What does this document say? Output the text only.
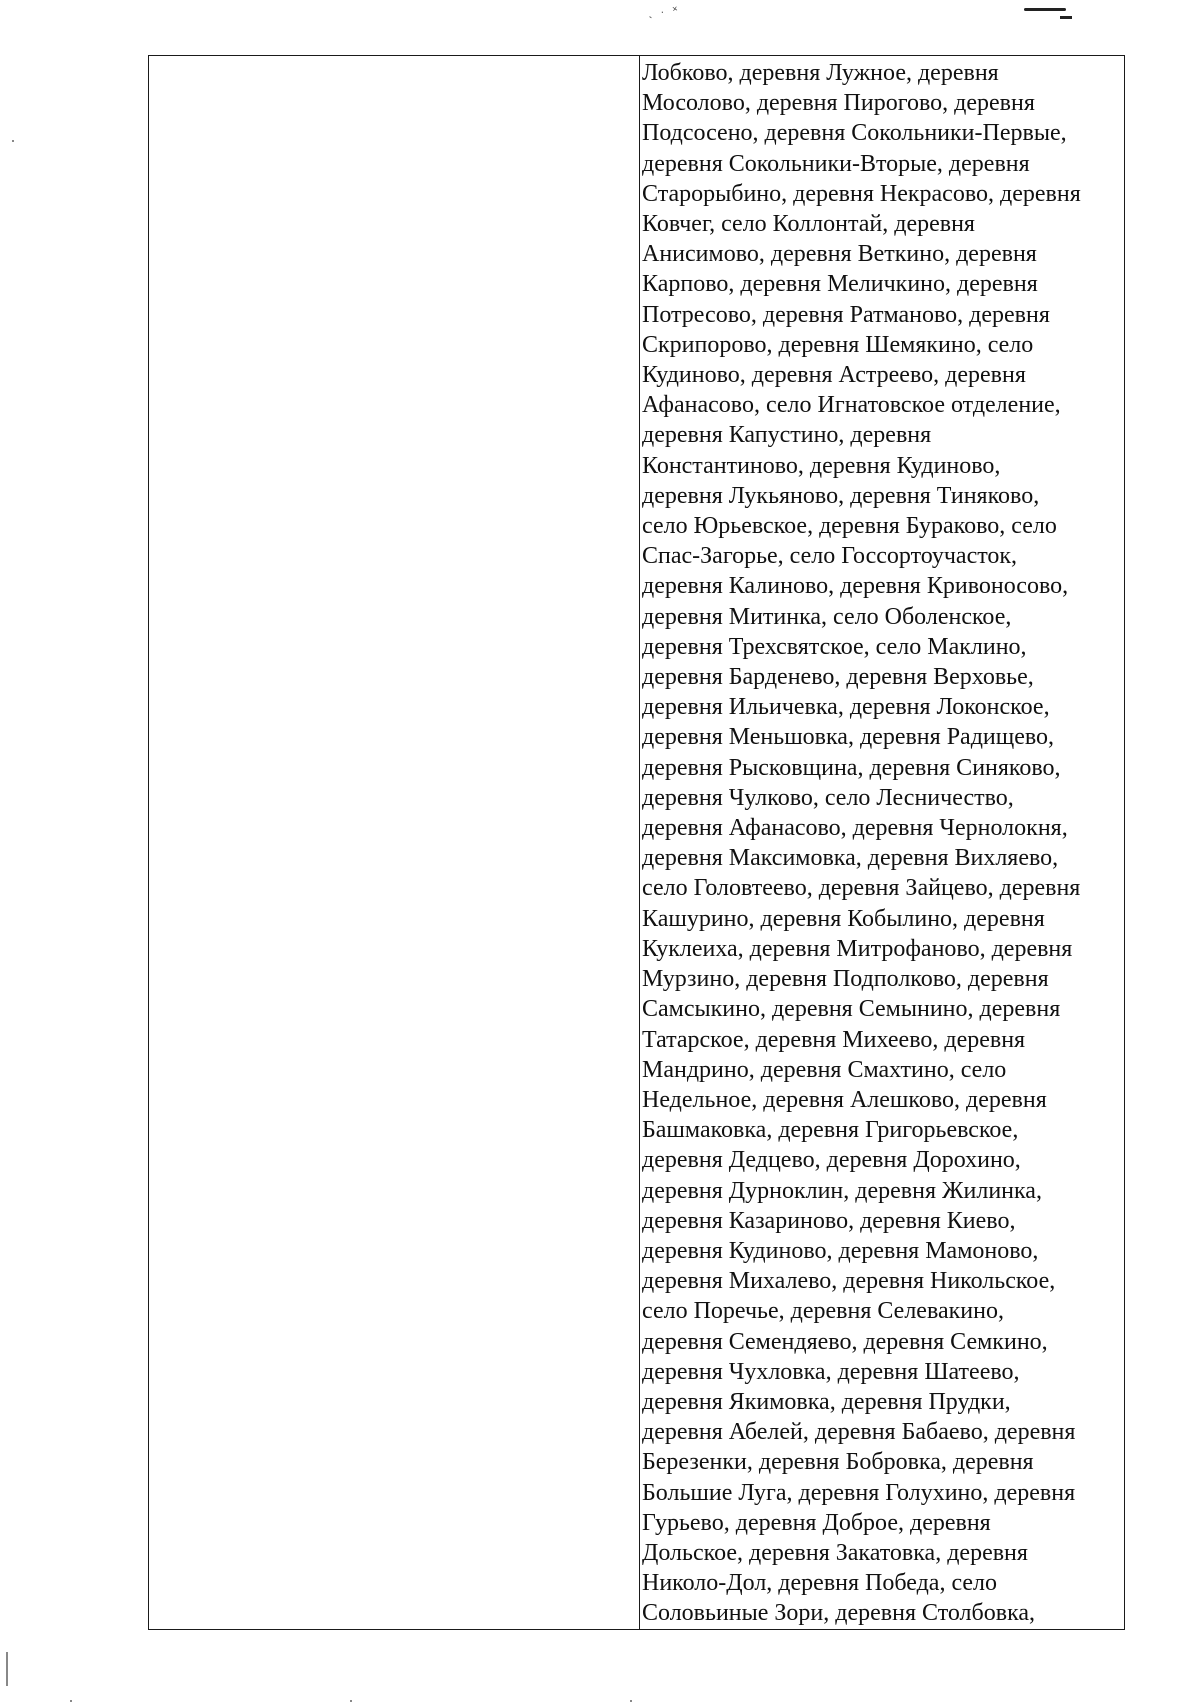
˴ ˑ ˟

Лобково, деревня Лужное, деревня
Мосолово, деревня Пирогово, деревня
Подсосено, деревня Сокольники-Первые,
деревня Сокольники-Вторые, деревня
Старорыбино, деревня Некрасово, деревня
Ковчег, село Коллонтай, деревня
Анисимово, деревня Веткино, деревня
Карпово, деревня Меличкино, деревня
Потресово, деревня Ратманово, деревня
Скрипорово, деревня Шемякино, село
Кудиново, деревня Астреево, деревня
Афанасово, село Игнатовское отделение,
деревня Капустино, деревня
Константиново, деревня Кудиново,
деревня Лукьяново, деревня Тиняково,
село Юрьевское, деревня Бураково, село
Спас-Загорье, село Госсортоучасток,
деревня Калиново, деревня Кривоносово,
деревня Митинка, село Оболенское,
деревня Трехсвятское, село Маклино,
деревня Барденево, деревня Верховье,
деревня Ильичевка, деревня Локонское,
деревня Меньшовка, деревня Радищево,
деревня Рысковщина, деревня Синяково,
деревня Чулково, село Лесничество,
деревня Афанасово, деревня Чернолокня,
деревня Максимовка, деревня Вихляево,
село Головтеево, деревня Зайцево, деревня
Кашурино, деревня Кобылино, деревня
Куклеиха, деревня Митрофаново, деревня
Мурзино, деревня Подполково, деревня
Самсыкино, деревня Семынино, деревня
Татарское, деревня Михеево, деревня
Мандрино, деревня Смахтино, село
Недельное, деревня Алешково, деревня
Башмаковка, деревня Григорьевское,
деревня Дедцево, деревня Дорохино,
деревня Дурноклин, деревня Жилинка,
деревня Казариново, деревня Киево,
деревня Кудиново, деревня Мамоново,
деревня Михалево, деревня Никольское,
село Поречье, деревня Селевакино,
деревня Семендяево, деревня Семкино,
деревня Чухловка, деревня Шатеево,
деревня Якимовка, деревня Прудки,
деревня Абелей, деревня Бабаево, деревня
Березенки, деревня Бобровка, деревня
Большие Луга, деревня Голухино, деревня
Гурьево, деревня Доброе, деревня
Дольское, деревня Закатовка, деревня
Николо-Дол, деревня Победа, село
Соловьиные Зори, деревня Столбовка,
